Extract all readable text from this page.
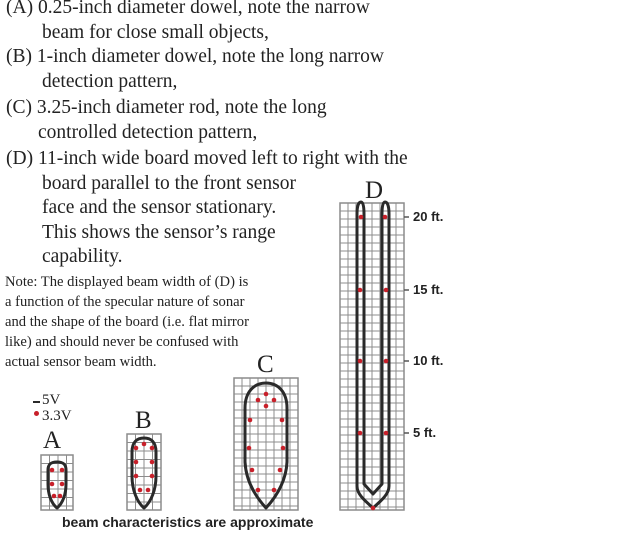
(A) 0.25-inch diameter dowel, note the narrow
beam for close small objects,
(B) 1-inch diameter dowel, note the long narrow
detection pattern,
(C) 3.25-inch diameter rod, note the long
controlled detection pattern,
(D) 11-inch wide board moved left to right with the
board parallel to the front sensor
face and the sensor stationary.
This shows the sensor’s range
capability.
Note: The displayed beam width of (D) is
a function of the specular nature of sonar
and the shape of the board (i.e. flat mirror
like) and should never be confused with
actual sensor beam width.
5V
3.3V
A
B
C
D
20 ft.
15 ft.
10 ft.
5 ft.
beam characteristics are approximate
